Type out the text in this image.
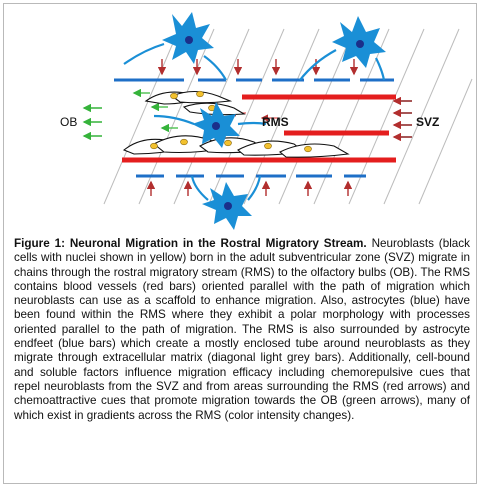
OB	RMS	SVZ
Figure 1: Neuronal Migration in the Rostral Migratory Stream. Neuroblasts (black cells with nuclei shown in yellow) born in the adult subventricular zone (SVZ) migrate in chains through the rostral migratory stream (RMS) to the olfactory bulbs (OB). The RMS contains blood vessels (red bars) oriented parallel with the path of migration which neuroblasts can use as a scaffold to enhance migration. Also, astrocytes (blue) have been found within the RMS where they exhibit a polar morphology with processes oriented parallel to the path of migration. The RMS is also surrounded by astrocyte endfeet (blue bars) which create a mostly enclosed tube around neuroblasts as they migrate through extracellular matrix (diagonal light grey bars). Additionally, cell-bound and soluble factors influence migration efficacy including chemorepulsive cues that repel neuroblasts from the SVZ and from areas surrounding the RMS (red arrows) and chemoattractive cues that promote migration towards the OB (green arrows), many of which exist in gradients across the RMS (color intensity changes).
